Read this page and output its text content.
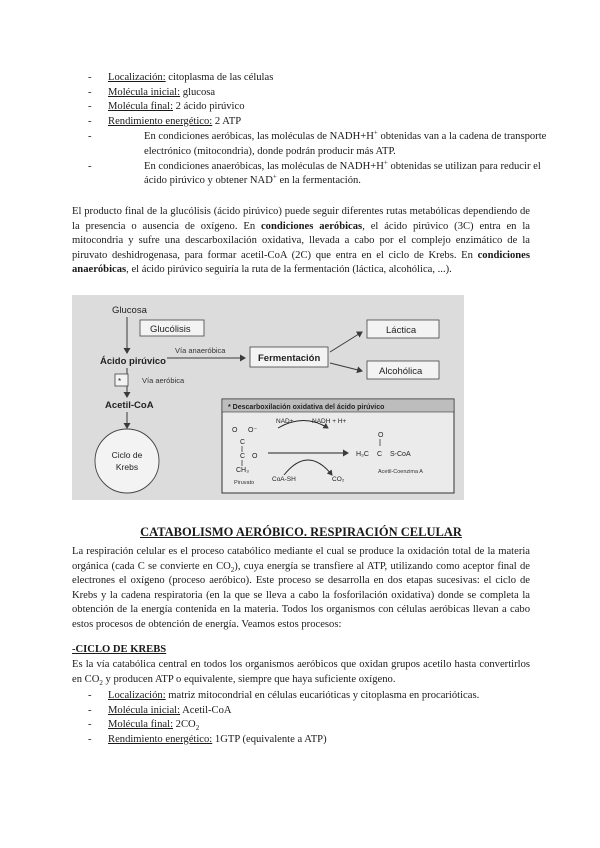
- Localización: citoplasma de las células
- Molécula inicial: glucosa
- Molécula final: 2 ácido pirúvico
- Rendimiento energético: 2 ATP
- En condiciones aeróbicas, las moléculas de NADH+H+ obtenidas van a la cadena de transporte electrónico (mitocondria), donde podrán producir más ATP.
- En condiciones anaeróbicas, las moléculas de NADH+H+ obtenidas se utilizan para reducir el ácido pirúvico y obtener NAD+ en la fermentación.
El producto final de la glucólisis (ácido pirúvico) puede seguir diferentes rutas metabólicas dependiendo de la presencia o ausencia de oxígeno. En condiciones aeróbicas, el ácido pirúvico (3C) entra en la mitocondria y sufre una descarboxilación oxidativa, llevada a cabo por el complejo enzimático de la piruvato deshidrogenasa, para formar acetil-CoA (2C) que entra en el ciclo de Krebs. En condiciones anaeróbicas, el ácido pirúvico seguiría la ruta de la fermentación (láctica, alcohólica, ...).
Glucosa
Glucólisis
Ácido pirúvico
Vía anaeróbica
Fermentación
Láctica
Alcohólica
*	Vía aeróbica
Acetil-CoA
Ciclo de
Krebs
* Descarboxilación oxidativa del ácido pirúvico
O O⁻
C
C O
CH₃
Piruvato
NAD+	NADH + H+
CoA-SH	CO₂
O
H₃C C S-CoA
Acetil-Coenzima A
CATABOLISMO AERÓBICO. RESPIRACIÓN CELULAR
La respiración celular es el proceso catabólico mediante el cual se produce la oxidación total de la materia orgánica (cada C se convierte en $CO_2$), cuya energía se transfiere al ATP, utilizando como aceptor final de electrones el oxígeno (proceso aeróbico). Este proceso se desarrolla en dos etapas sucesivas: el ciclo de Krebs y la cadena respiratoria (en la que se lleva a cabo la fosforilación oxidativa) donde se completa la obtención de la energía contenida en la materia. Todos los organismos con células aeróbicas llevan a cabo estos procesos de obtención de energía. Veamos estos procesos:
-CICLO DE KREBS
Es la vía catabólica central en todos los organismos aeróbicos que oxidan grupos acetilo hasta convertirlos en $CO_2$ y producen ATP o equivalente, siempre que haya suficiente oxígeno.
- Localización: matriz mitocondrial en células eucarióticas y citoplasma en procarióticas.
- Molécula inicial: Acetil-CoA
- Molécula final: $2CO_2$
- Rendimiento energético: 1GTP (equivalente a ATP)
